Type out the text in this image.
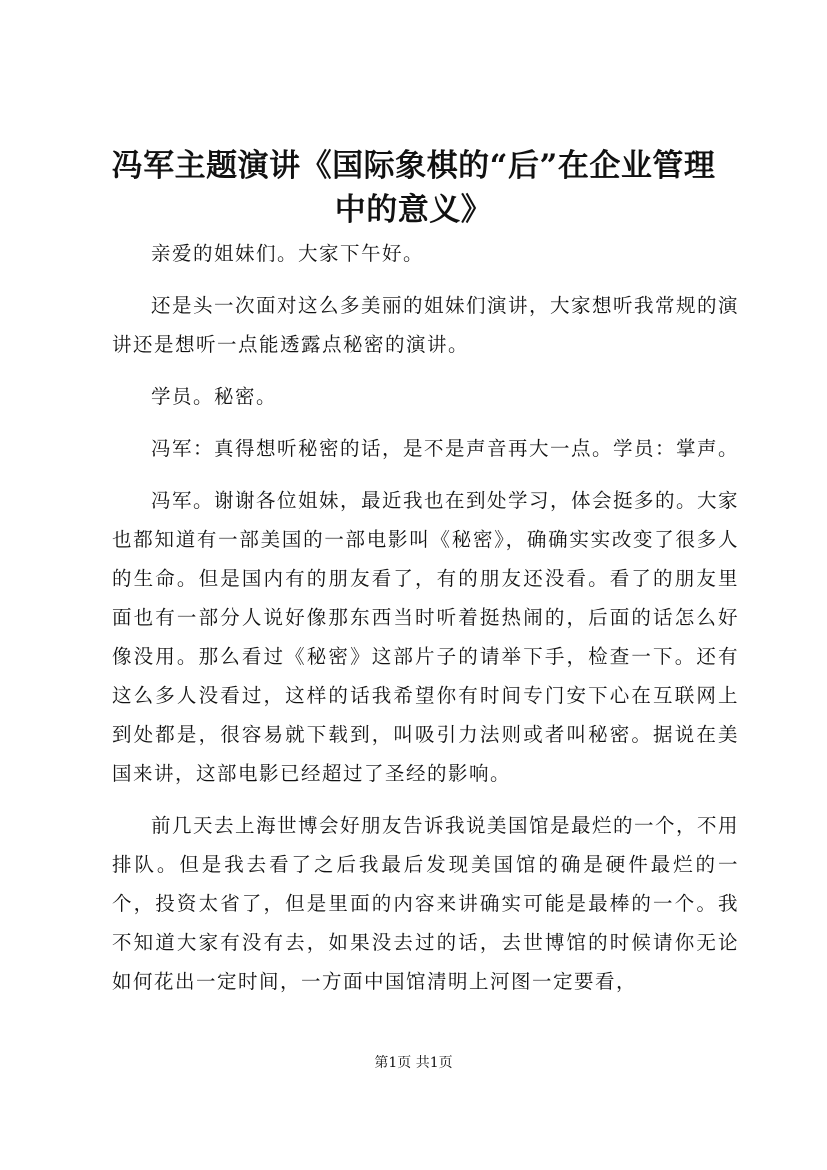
冯军主题演讲《国际象棋的“后”在企业管理中的意义》

亲爱的姐妹们。大家下午好。

还是头一次面对这么多美丽的姐妹们演讲，大家想听我常规的演讲还是想听一点能透露点秘密的演讲。

学员。秘密。

冯军：真得想听秘密的话，是不是声音再大一点。学员：掌声。

冯军。谢谢各位姐妹，最近我也在到处学习，体会挺多的。大家也都知道有一部美国的一部电影叫《秘密》，确确实实改变了很多人的生命。但是国内有的朋友看了，有的朋友还没看。看了的朋友里面也有一部分人说好像那东西当时听着挺热闹的，后面的话怎么好像没用。那么看过《秘密》这部片子的请举下手，检查一下。还有这么多人没看过，这样的话我希望你有时间专门安下心在互联网上到处都是，很容易就下载到，叫吸引力法则或者叫秘密。据说在美国来讲，这部电影已经超过了圣经的影响。

前几天去上海世博会好朋友告诉我说美国馆是最烂的一个，不用排队。但是我去看了之后我最后发现美国馆的确是硬件最烂的一个，投资太省了，但是里面的内容来讲确实可能是最棒的一个。我不知道大家有没有去，如果没去过的话，去世博馆的时候请你无论如何花出一定时间，一方面中国馆清明上河图一定要看，

第1页 共1页
